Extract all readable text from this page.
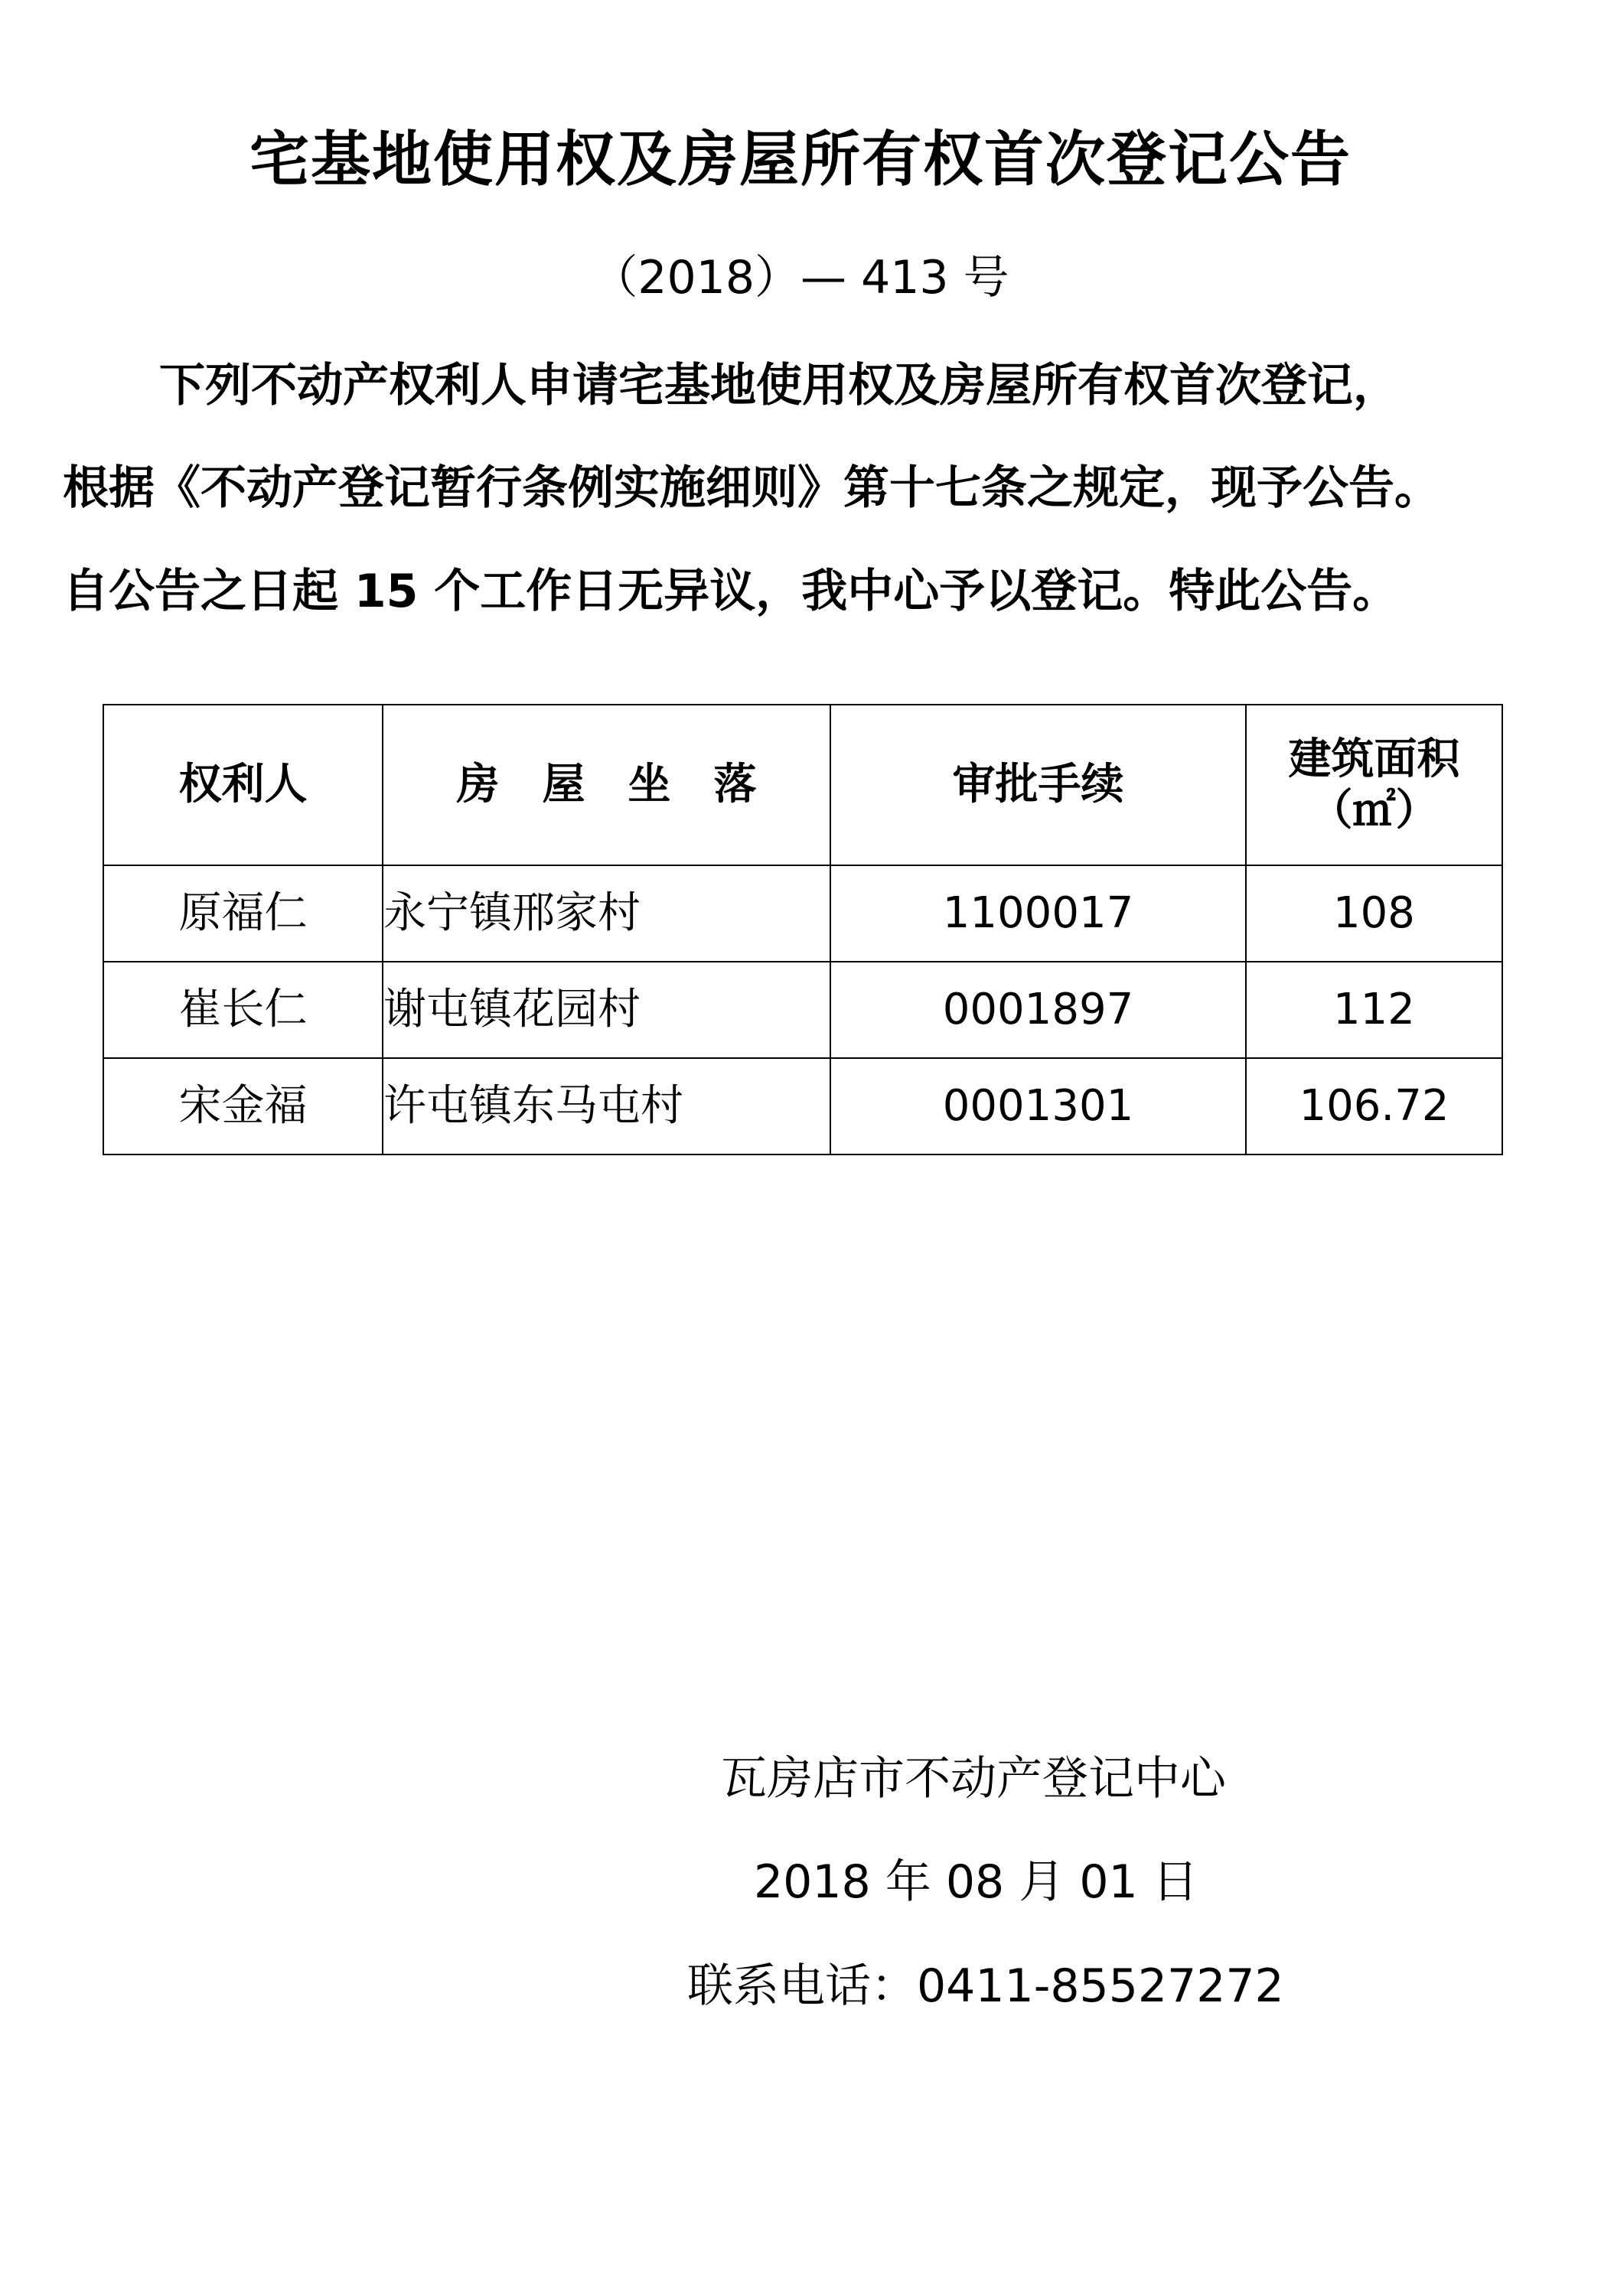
宅基地使用权及房屋所有权首次登记公告
（2018）— 413 号
下列不动产权利人申请宅基地使用权及房屋所有权首次登记，
根据《不动产登记暂行条例实施细则》第十七条之规定，现予公告。
自公告之日起 15 个工作日无异议，我中心予以登记。特此公告。
权利人	房　屋　坐　落	审批手续	建筑面积
（㎡）

原福仁	永宁镇邢家村	1100017	108
崔长仁	谢屯镇花园村	0001897	112
宋金福	许屯镇东马屯村	0001301	106.72
瓦房店市不动产登记中心
2018 年 08 月 01 日
联系电话：0411-85527272
